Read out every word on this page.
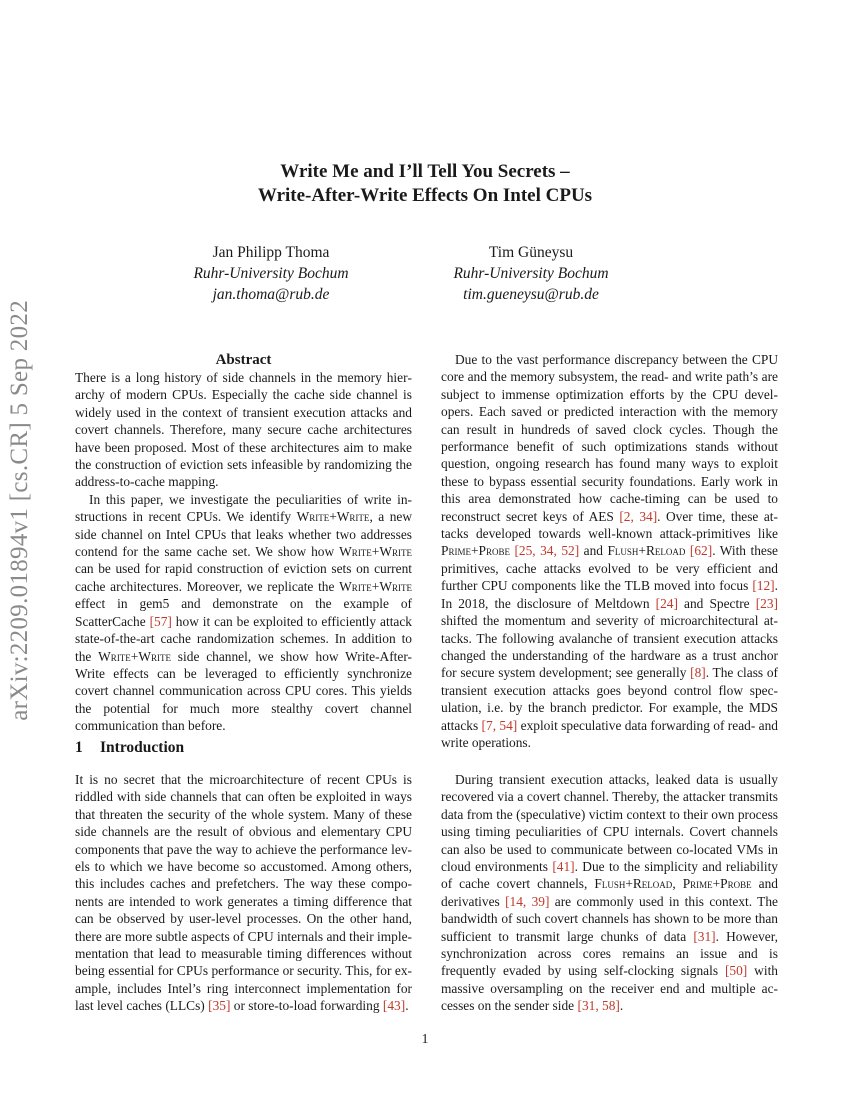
arXiv:2209.01894v1 [cs.CR] 5 Sep 2022
Write Me and I’ll Tell You Secrets –
Write-After-Write Effects On Intel CPUs
Jan Philipp Thoma
Ruhr-University Bochum
jan.thoma@rub.de
Tim Güneysu
Ruhr-University Bochum
tim.gueneysu@rub.de

Abstract

There is a long history of side channels in the memory hierarchy of modern CPUs. Especially the cache side channel is widely used in the context of transient execution attacks and covert channels. Therefore, many secure cache architectures have been proposed. Most of these architectures aim to make the construction of eviction sets infeasible by randomizing the address-to-cache mapping.

In this paper, we investigate the peculiarities of write instructions in recent CPUs. We identify Write+Write, a new side channel on Intel CPUs that leaks whether two addresses contend for the same cache set. We show how Write+Write can be used for rapid construction of eviction sets on current cache architectures. Moreover, we replicate the Write+Write effect in gem5 and demonstrate on the example of ScatterCache [57] how it can be exploited to efficiently attack state-of-the-art cache randomization schemes. In addition to the Write+Write side channel, we show how Write-After-Write effects can be leveraged to efficiently synchronize covert channel communication across CPU cores. This yields the potential for much more stealthy covert channel communication than before.

1 Introduction

It is no secret that the microarchitecture of recent CPUs is riddled with side channels that can often be exploited in ways that threaten the security of the whole system. Many of these side channels are the result of obvious and elementary CPU components that pave the way to achieve the performance levels to which we have become so accustomed. Among others, this includes caches and prefetchers. The way these components are intended to work generates a timing difference that can be observed by user-level processes. On the other hand, there are more subtle aspects of CPU internals and their implementation that lead to measurable timing differences without being essential for CPUs performance or security. This, for example, includes Intel’s ring interconnect implementation for last level caches (LLCs) [35] or store-to-load forwarding [43].

Due to the vast performance discrepancy between the CPU core and the memory subsystem, the read- and write path’s are subject to immense optimization efforts by the CPU developers. Each saved or predicted interaction with the memory can result in hundreds of saved clock cycles. Though the performance benefit of such optimizations stands without question, ongoing research has found many ways to exploit these to bypass essential security foundations. Early work in this area demonstrated how cache-timing can be used to reconstruct secret keys of AES [2, 34]. Over time, these attacks developed towards well-known attack-primitives like Prime+Probe [25, 34, 52] and Flush+Reload [62]. With these primitives, cache attacks evolved to be very efficient and further CPU components like the TLB moved into focus [12]. In 2018, the disclosure of Meltdown [24] and Spectre [23] shifted the momentum and severity of microarchitectural attacks. The following avalanche of transient execution attacks changed the understanding of the hardware as a trust anchor for secure system development; see generally [8]. The class of transient execution attacks goes beyond control flow speculation, i.e. by the branch predictor. For example, the MDS attacks [7, 54] exploit speculative data forwarding of read- and write operations.

During transient execution attacks, leaked data is usually recovered via a covert channel. Thereby, the attacker transmits data from the (speculative) victim context to their own process using timing peculiarities of CPU internals. Covert channels can also be used to communicate between co-located VMs in cloud environments [41]. Due to the simplicity and reliability of cache covert channels, Flush+Reload, Prime+Probe and derivatives [14, 39] are commonly used in this context. The bandwidth of such covert channels has shown to be more than sufficient to transmit large chunks of data [31]. However, synchronization across cores remains an issue and is frequently evaded by using self-clocking signals [50] with massive oversampling on the receiver end and multiple accesses on the sender side [31, 58].

1
